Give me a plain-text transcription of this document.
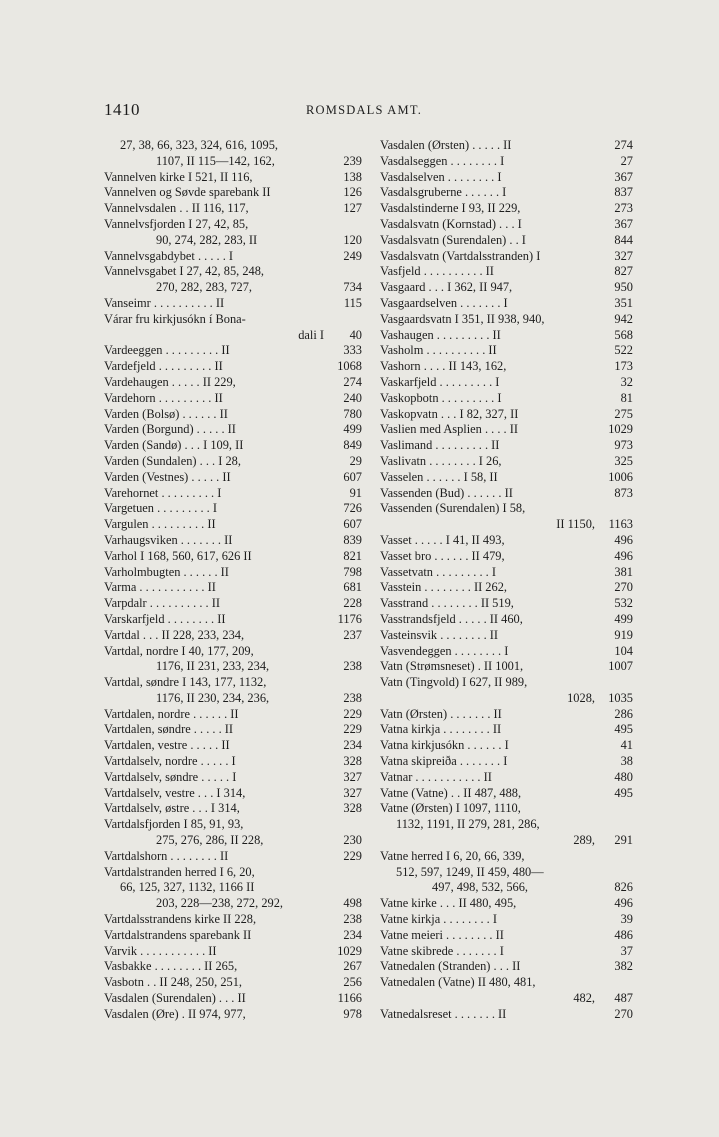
1410	ROMSDALS AMT.
27, 38, 66, 323, 324, 616, 1095,
1107, II 115—142, 162,	239
Vannelven kirke I 521, II 116,	138
Vannelven og Søvde sparebank II	126
Vannelvsdalen . . II 116, 117,	127
Vannelvsfjorden I 27, 42, 85,
90, 274, 282, 283, II	120
Vannelvsgabdybet . . . . . I	249
Vannelvsgabet I 27, 42, 85, 248,
270, 282, 283, 727,	734
Vanseimr . . . . . . . . . . II	115
Várar fru kirkjusókn í Bona-
dali I	40
Vardeeggen . . . . . . . . . II	333
Vardefjeld . . . . . . . . . II	1068
Vardehaugen . . . . . II 229,	274
Vardehorn . . . . . . . . . II	240
Varden (Bolsø) . . . . . . II	780
Varden (Borgund) . . . . . II	499
Varden (Sandø) . . . I 109, II	849
Varden (Sundalen) . . . I 28,	29
Varden (Vestnes) . . . . . II	607
Varehornet . . . . . . . . . I	91
Vargetuen . . . . . . . . . I	726
Vargulen . . . . . . . . . II	607
Varhaugsviken . . . . . . . II	839
Varhol I 168, 560, 617, 626 II	821
Varholmbugten . . . . . . II	798
Varma . . . . . . . . . . . II	681
Varpdalr . . . . . . . . . . II	228
Varskarfjeld . . . . . . . . II	1176
Vartdal . . . II 228, 233, 234,	237
Vartdal, nordre I 40, 177, 209,
1176, II 231, 233, 234,	238
Vartdal, søndre I 143, 177, 1132,
1176, II 230, 234, 236,	238
Vartdalen, nordre . . . . . . II	229
Vartdalen, søndre . . . . . II	229
Vartdalen, vestre . . . . . II	234
Vartdalselv, nordre . . . . . I	328
Vartdalselv, søndre . . . . . I	327
Vartdalselv, vestre . . . I 314,	327
Vartdalselv, østre . . . I 314,	328
Vartdalsfjorden I 85, 91, 93,
275, 276, 286, II 228,	230
Vartdalshorn . . . . . . . . II	229
Vartdalstranden herred I 6, 20,
66, 125, 327, 1132, 1166 II
203, 228—238, 272, 292,	498
Vartdalsstrandens kirke II 228,	238
Vartdalstrandens sparebank II	234
Varvik . . . . . . . . . . . II	1029
Vasbakke . . . . . . . . II 265,	267
Vasbotn . . II 248, 250, 251,	256
Vasdalen (Surendalen) . . . II	1166
Vasdalen (Øre) . II 974, 977,	978
Vasdalen (Ørsten) . . . . . II	274
Vasdalseggen . . . . . . . . I	27
Vasdalselven . . . . . . . . I	367
Vasdalsgruberne . . . . . . I	837
Vasdalstinderne I 93, II 229,	273
Vasdalsvatn (Kornstad) . . . I	367
Vasdalsvatn (Surendalen) . . I	844
Vasdalsvatn (Vartdalsstranden) I	327
Vasfjeld . . . . . . . . . . II	827
Vasgaard . . . I 362, II 947,	950
Vasgaardselven . . . . . . . I	351
Vasgaardsvatn I 351, II 938, 940,	942
Vashaugen . . . . . . . . . II	568
Vasholm . . . . . . . . . . II	522
Vashorn . . . . II 143, 162,	173
Vaskarfjeld . . . . . . . . . I	32
Vaskopbotn . . . . . . . . . I	81
Vaskopvatn . . . I 82, 327, II	275
Vaslien med Asplien . . . . II	1029
Vaslimand . . . . . . . . . II	973
Vaslivatn . . . . . . . . I 26,	325
Vasselen . . . . . . I 58, II	1006
Vassenden (Bud) . . . . . . II	873
Vassenden (Surendalen) I 58,
II 1150,	1163
Vasset . . . . . I 41, II 493,	496
Vasset bro . . . . . . II 479,	496
Vassetvatn . . . . . . . . . I	381
Vasstein . . . . . . . . II 262,	270
Vasstrand . . . . . . . . II 519,	532
Vasstrandsfjeld . . . . . II 460,	499
Vasteinsvik . . . . . . . . II	919
Vasvendeggen . . . . . . . . I	104
Vatn (Strømsneset) . II 1001,	1007
Vatn (Tingvold) I 627, II 989,
1028,	1035
Vatn (Ørsten) . . . . . . . II	286
Vatna kirkja . . . . . . . . II	495
Vatna kirkjusókn . . . . . . I	41
Vatna skipreiða . . . . . . . I	38
Vatnar . . . . . . . . . . . II	480
Vatne (Vatne) . . II 487, 488,	495
Vatne (Ørsten) I 1097, 1110,
1132, 1191, II 279, 281, 286,
289,	291
Vatne herred I 6, 20, 66, 339,
512, 597, 1249, II 459, 480—
497, 498, 532, 566,	826
Vatne kirke . . . II 480, 495,	496
Vatne kirkja . . . . . . . . I	39
Vatne meieri . . . . . . . . II	486
Vatne skibrede . . . . . . . I	37
Vatnedalen (Stranden) . . . II	382
Vatnedalen (Vatne) II 480, 481,
482,	487
Vatnedalsreset . . . . . . . II	270
